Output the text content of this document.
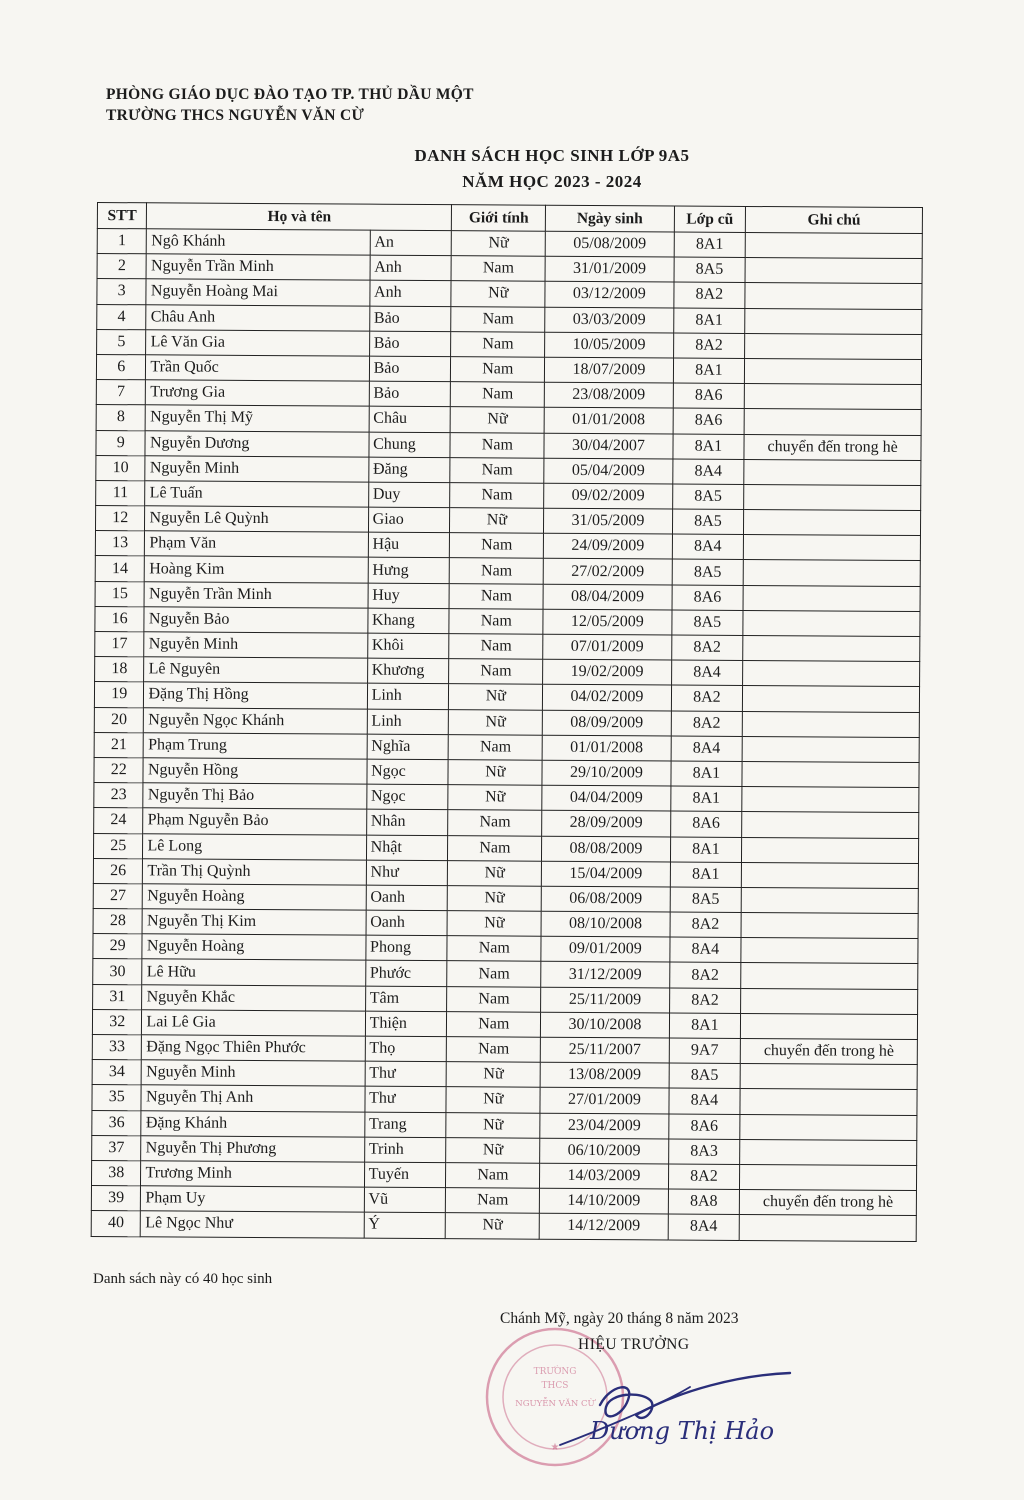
PHÒNG GIÁO DỤC ĐÀO TẠO TP. THỦ DẦU MỘT
TRƯỜNG THCS NGUYỄN VĂN CỪ
DANH SÁCH HỌC SINH LỚP 9A5
NĂM HỌC 2023 - 2024
STT	Họ và tên		Giới tính	Ngày sinh	Lớp cũ	Ghi chú
1	Ngô Khánh	An	Nữ	05/08/2009	8A1	
2	Nguyễn Trần Minh	Anh	Nam	31/01/2009	8A5	
3	Nguyễn Hoàng Mai	Anh	Nữ	03/12/2009	8A2	
4	Châu Anh	Bảo	Nam	03/03/2009	8A1	
5	Lê Văn Gia	Bảo	Nam	10/05/2009	8A2	
6	Trần Quốc	Bảo	Nam	18/07/2009	8A1	
7	Trương Gia	Bảo	Nam	23/08/2009	8A6	
8	Nguyễn Thị Mỹ	Châu	Nữ	01/01/2008	8A6	
9	Nguyễn Dương	Chung	Nam	30/04/2007	8A1	chuyển đến trong hè
10	Nguyễn Minh	Đăng	Nam	05/04/2009	8A4	
11	Lê Tuấn	Duy	Nam	09/02/2009	8A5	
12	Nguyễn Lê Quỳnh	Giao	Nữ	31/05/2009	8A5	
13	Phạm Văn	Hậu	Nam	24/09/2009	8A4	
14	Hoàng Kim	Hưng	Nam	27/02/2009	8A5	
15	Nguyễn Trần Minh	Huy	Nam	08/04/2009	8A6	
16	Nguyễn Bảo	Khang	Nam	12/05/2009	8A5	
17	Nguyễn Minh	Khôi	Nam	07/01/2009	8A2	
18	Lê Nguyên	Khương	Nam	19/02/2009	8A4	
19	Đặng Thị Hồng	Linh	Nữ	04/02/2009	8A2	
20	Nguyễn Ngọc Khánh	Linh	Nữ	08/09/2009	8A2	
21	Phạm Trung	Nghĩa	Nam	01/01/2008	8A4	
22	Nguyễn Hồng	Ngọc	Nữ	29/10/2009	8A1	
23	Nguyễn Thị Bảo	Ngọc	Nữ	04/04/2009	8A1	
24	Phạm Nguyễn Bảo	Nhân	Nam	28/09/2009	8A6	
25	Lê Long	Nhật	Nam	08/08/2009	8A1	
26	Trần Thị Quỳnh	Như	Nữ	15/04/2009	8A1	
27	Nguyễn Hoàng	Oanh	Nữ	06/08/2009	8A5	
28	Nguyễn Thị Kim	Oanh	Nữ	08/10/2008	8A2	
29	Nguyễn Hoàng	Phong	Nam	09/01/2009	8A4	
30	Lê Hữu	Phước	Nam	31/12/2009	8A2	
31	Nguyễn Khắc	Tâm	Nam	25/11/2009	8A2	
32	Lai Lê Gia	Thiện	Nam	30/10/2008	8A1	
33	Đặng Ngọc Thiên Phước	Thọ	Nam	25/11/2007	9A7	chuyển đến trong hè
34	Nguyễn Minh	Thư	Nữ	13/08/2009	8A5	
35	Nguyễn Thị Anh	Thư	Nữ	27/01/2009	8A4	
36	Đặng Khánh	Trang	Nữ	23/04/2009	8A6	
37	Nguyễn Thị Phương	Trinh	Nữ	06/10/2009	8A3	
38	Trương Minh	Tuyến	Nam	14/03/2009	8A2	
39	Phạm Uy	Vũ	Nam	14/10/2009	8A8	chuyển đến trong hè
40	Lê Ngọc Như	Ý	Nữ	14/12/2009	8A4	
Danh sách này có 40 học sinh
Chánh Mỹ, ngày 20 tháng 8 năm 2023
TRƯỜNG
THCS
NGUYỄN VĂN CỪ
★
HIỆU TRƯỞNG
Dương Thị Hảo
